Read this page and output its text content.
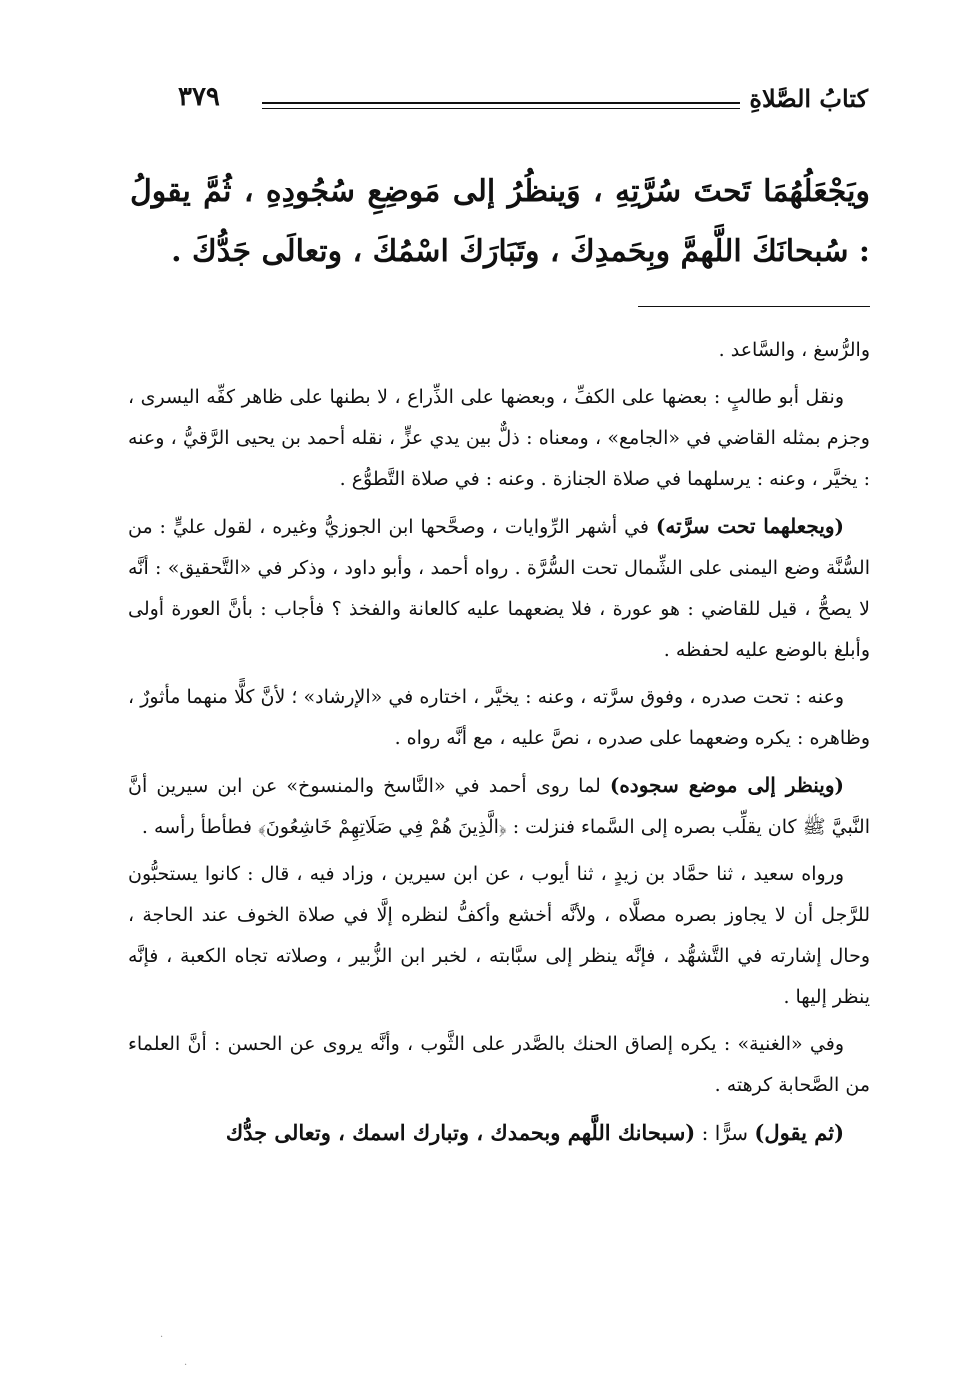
كتابُ الصَّلاةِ
٣٧٩
ويَجْعَلُهُمَا تَحتَ سُرَّتِهِ ، وَينظُرُ إلى مَوضِعِ سُجُودِهِ ، ثُمَّ يقولُ : سُبحانَكَ اللَّهمَّ وبِحَمدِكَ ، وتَبَارَكَ اسْمُكَ ، وتعالَى جَدُّكَ .

والرُّسغ ، والسَّاعد .

ونقل أبو طالبٍ : بعضها على الكفِّ ، وبعضها على الذِّراع ، لا بطنها على ظاهر كفِّه اليسرى ، وجزم بمثله القاضي في «الجامع» ، ومعناه : ذلٌّ بين يدي عزٍّ ، نقله أحمد بن يحيى الرَّقيُّ ، وعنه : يخيَّر ، وعنه : يرسلهما في صلاة الجنازة . وعنه : في صلاة التَّطوُّع .

(ويجعلهما تحت سرَّته) في أشهر الرِّوايات ، وصحَّحها ابن الجوزيُّ وغيره ، لقول عليٍّ : من السُّنَّة وضع اليمنى على الشِّمال تحت السُّرَّة . رواه أحمد ، وأبو داود ، وذكر في «التَّحقيق» : أنَّه لا يصحُّ ، قيل للقاضي : هو عورة ، فلا يضعهما عليه كالعانة والفخذ ؟ فأجاب : بأنَّ العورة أولى وأبلغ بالوضع عليه لحفظه .

وعنه : تحت صدره ، وفوق سرَّته ، وعنه : يخيَّر ، اختاره في «الإرشاد» ؛ لأنَّ كلًّا منهما مأثورٌ ، وظاهره : يكره وضعهما على صدره ، نصَّ عليه ، مع أنَّه رواه .

(وينظر إلى موضع سجوده) لما روى أحمد في «النَّاسخ والمنسوخ» عن ابن سيرين أنَّ النَّبيَّ ﷺ كان يقلِّب بصره إلى السَّماء فنزلت : ﴿الَّذِينَ هُمْ فِي صَلَاتِهِمْ خَاشِعُونَ﴾ فطأطأ رأسه .

ورواه سعيد ، ثنا حمَّاد بن زيدٍ ، ثنا أيوب ، عن ابن سيرين ، وزاد فيه ، قال : كانوا يستحبُّون للرَّجل أن لا يجاوز بصره مصلَّاه ، ولأنَّه أخشع وأكفُّ لنظره إلَّا في صلاة الخوف عند الحاجة ، وحال إشارته في التَّشهُّد ، فإنَّه ينظر إلى سبَّابته ، لخبر ابن الزُّبير ، وصلاته تجاه الكعبة ، فإنَّه ينظر إليها .

وفي «الغنية» : يكره إلصاق الحنك بالصَّدر على الثَّوب ، وأنَّه يروى عن الحسن : أنَّ العلماء من الصَّحابة كرهته .

(ثم يقول) سرًّا : (سبحانك اللَّهم وبحمدك ، وتبارك اسمك ، وتعالى جدُّك

·
·
